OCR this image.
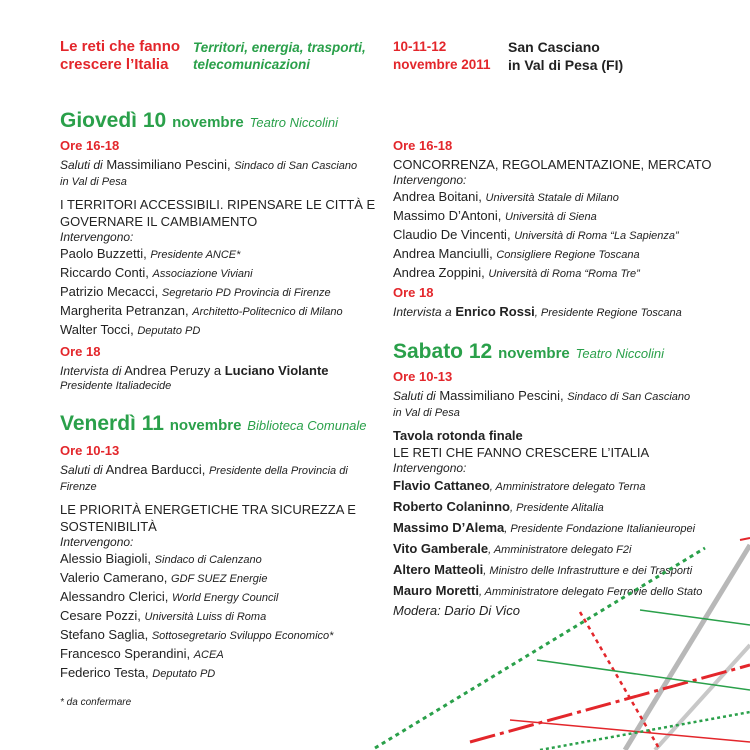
Le reti che fanno
crescere l’Italia
Territori, energia, trasporti,
telecomunicazioni
10-11-12
novembre 2011
San Casciano
in Val di Pesa (FI)
Giovedì 10 novembre Teatro Niccolini
Ore 16-18
Saluti di Massimiliano Pescini, Sindaco di San Casciano
in Val di Pesa
I TERRITORI ACCESSIBILI. RIPENSARE LE CITTÀ E
GOVERNARE IL CAMBIAMENTO
Intervengono:
Paolo Buzzetti, Presidente ANCE*
Riccardo Conti, Associazione Viviani
Patrizio Mecacci, Segretario PD Provincia di Firenze
Margherita Petranzan, Architetto-Politecnico di Milano
Walter Tocci, Deputato PD
Ore 18
Intervista di Andrea Peruzy a Luciano Violante
Presidente Italiadecide
Ore 16-18
CONCORRENZA, REGOLAMENTAZIONE, MERCATO
Intervengono:
Andrea Boitani, Università Statale di Milano
Massimo D’Antoni, Università di Siena
Claudio De Vincenti, Università di Roma “La Sapienza”
Andrea Manciulli, Consigliere Regione Toscana
Andrea Zoppini, Università di Roma “Roma Tre”
Ore 18
Intervista a Enrico Rossi, Presidente Regione Toscana
Venerdì 11 novembre Biblioteca Comunale
Ore 10-13
Saluti di Andrea Barducci, Presidente della Provincia di
Firenze
LE PRIORITÀ ENERGETICHE TRA SICUREZZA E
SOSTENIBILITÀ
Intervengono:
Alessio Biagioli, Sindaco di Calenzano
Valerio Camerano, GDF SUEZ Energie
Alessandro Clerici, World Energy Council
Cesare Pozzi, Università Luiss di Roma
Stefano Saglia, Sottosegretario Sviluppo Economico*
Francesco Sperandini, ACEA
Federico Testa, Deputato PD
* da confermare
Sabato 12 novembre Teatro Niccolini
Ore 10-13
Saluti di Massimiliano Pescini, Sindaco di San Casciano
in Val di Pesa
Tavola rotonda finale
LE RETI CHE FANNO CRESCERE L’ITALIA
Intervengono:
Flavio Cattaneo, Amministratore delegato Terna
Roberto Colaninno, Presidente Alitalia
Massimo D’Alema, Presidente Fondazione Italianieuropei
Vito Gamberale, Amministratore delegato F2i
Altero Matteoli, Ministro delle Infrastrutture e dei Trasporti
Mauro Moretti, Amministratore delegato Ferrovie dello Stato
Modera: Dario Di Vico
